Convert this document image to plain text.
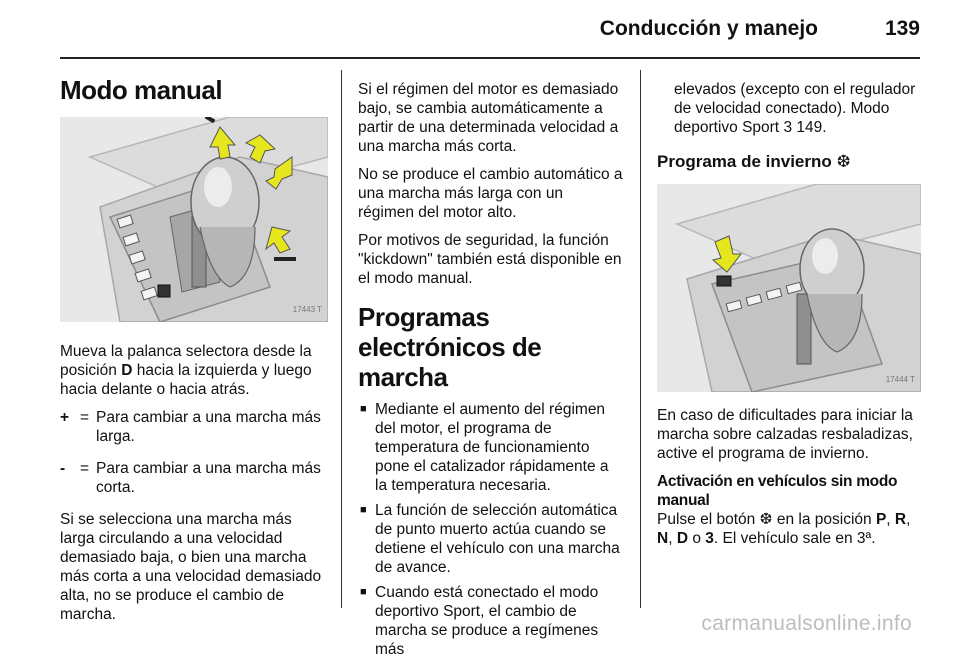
Conducción y manejo	139
Modo manual
17443 T

Mueva la palanca selectora desde la posición D hacia la izquierda y luego hacia delante o hacia atrás.

+ = Para cambiar a una marcha más larga.
- = Para cambiar a una marcha más corta.

Si se selecciona una marcha más larga circulando a una velocidad demasiado baja, o bien una marcha más corta a una velocidad demasiado alta, no se produce el cambio de marcha.

Si el régimen del motor es demasiado bajo, se cambia automáticamente a partir de una determinada velocidad a una marcha más corta.

No se produce el cambio automático a una marcha más larga con un régimen del motor alto.

Por motivos de seguridad, la función "kickdown" también está disponible en el modo manual.

Programas electrónicos de marcha
■ Mediante el aumento del régimen del motor, el programa de temperatura de funcionamiento pone el catalizador rápidamente a la temperatura necesaria.
■ La función de selección automática de punto muerto actúa cuando se detiene el vehículo con una marcha de avance.
■ Cuando está conectado el modo deportivo Sport, el cambio de marcha se produce a regímenes más

elevados (excepto con el regulador de velocidad conectado). Modo deportivo Sport 3 149.

Programa de invierno ❆
17444 T

En caso de dificultades para iniciar la marcha sobre calzadas resbaladizas, active el programa de invierno.

Activación en vehículos sin modo manual

Pulse el botón ❆ en la posición P, R,
N, D o 3. El vehículo sale en 3ª.

carmanualsonline.info
